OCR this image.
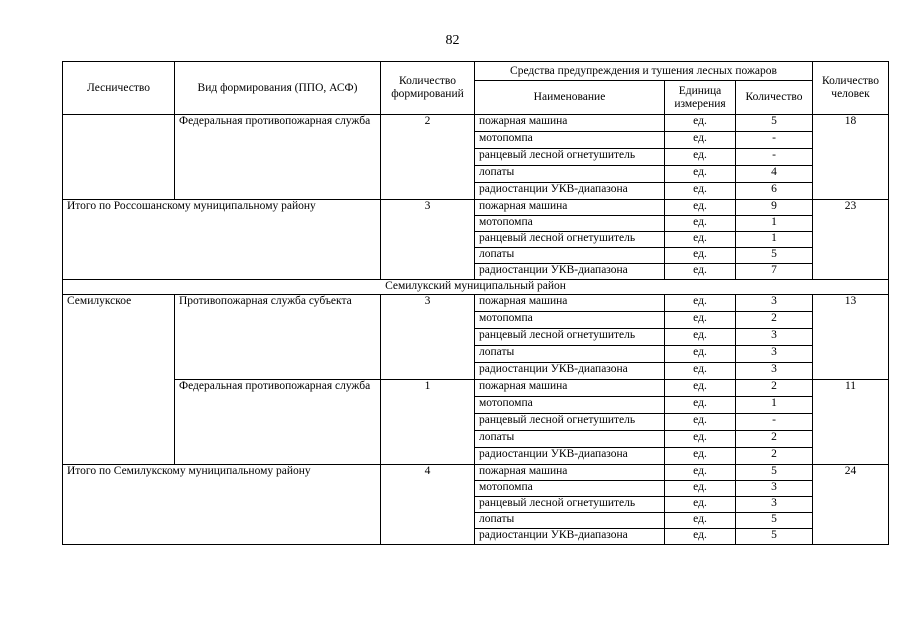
82
Лесничество	Вид формирования (ППО, АСФ)	Количество формирований	Средства предупреждения и тушения лесных пожаров			Количество человек
			Наименование	Единица измерения	Количество	
	Федеральная противопожарная служба	2	пожарная машина	ед.	5	18
			мотопомпа	ед.	-	
			ранцевый лесной огнетушитель	ед.	-	
			лопаты	ед.	4	
			радиостанции УКВ-диапазона	ед.	6	
Итого по Россошанскому муниципальному району		3	пожарная машина	ед.	9	23
			мотопомпа	ед.	1	
			ранцевый лесной огнетушитель	ед.	1	
			лопаты	ед.	5	
			радиостанции УКВ-диапазона	ед.	7	
Семилукский муниципальный район						
Семилукское	Противопожарная служба субъекта	3	пожарная машина	ед.	3	13
			мотопомпа	ед.	2	
			ранцевый лесной огнетушитель	ед.	3	
			лопаты	ед.	3	
			радиостанции УКВ-диапазона	ед.	3	
	Федеральная противопожарная служба	1	пожарная машина	ед.	2	11
			мотопомпа	ед.	1	
			ранцевый лесной огнетушитель	ед.	-	
			лопаты	ед.	2	
			радиостанции УКВ-диапазона	ед.	2	
Итого по Семилукскому муниципальному району		4	пожарная машина	ед.	5	24
			мотопомпа	ед.	3	
			ранцевый лесной огнетушитель	ед.	3	
			лопаты	ед.	5	
			радиостанции УКВ-диапазона	ед.	5	
